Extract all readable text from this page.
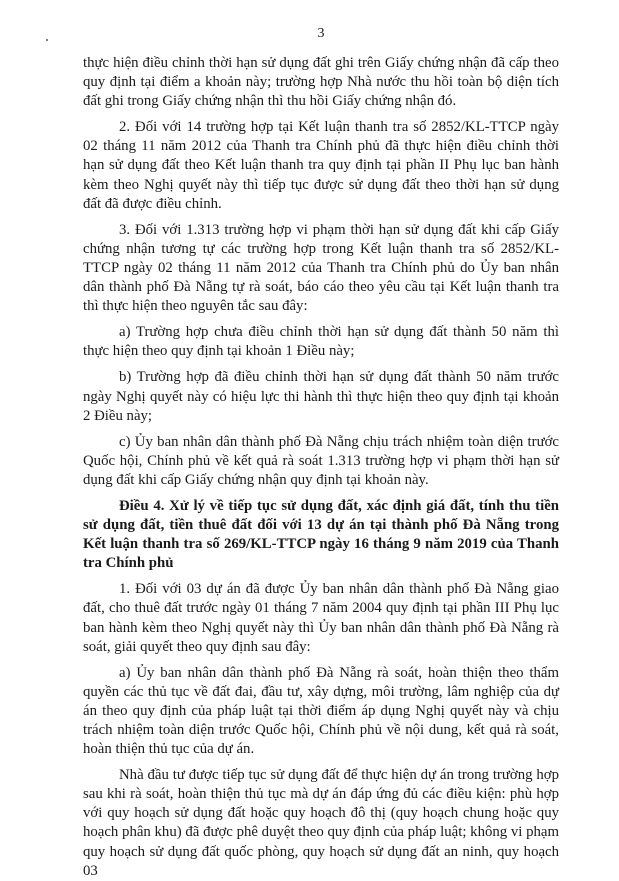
3

thực hiện điều chỉnh thời hạn sử dụng đất ghi trên Giấy chứng nhận đã cấp theo quy định tại điểm a khoản này; trường hợp Nhà nước thu hồi toàn bộ diện tích đất ghi trong Giấy chứng nhận thì thu hồi Giấy chứng nhận đó.

2. Đối với 14 trường hợp tại Kết luận thanh tra số 2852/KL-TTCP ngày 02 tháng 11 năm 2012 của Thanh tra Chính phủ đã thực hiện điều chỉnh thời hạn sử dụng đất theo Kết luận thanh tra quy định tại phần II Phụ lục ban hành kèm theo Nghị quyết này thì tiếp tục được sử dụng đất theo thời hạn sử dụng đất đã được điều chỉnh.

3. Đối với 1.313 trường hợp vi phạm thời hạn sử dụng đất khi cấp Giấy chứng nhận tương tự các trường hợp trong Kết luận thanh tra số 2852/KL-TTCP ngày 02 tháng 11 năm 2012 của Thanh tra Chính phủ do Ủy ban nhân dân thành phố Đà Nẵng tự rà soát, báo cáo theo yêu cầu tại Kết luận thanh tra thì thực hiện theo nguyên tắc sau đây:

a) Trường hợp chưa điều chỉnh thời hạn sử dụng đất thành 50 năm thì thực hiện theo quy định tại khoản 1 Điều này;

b) Trường hợp đã điều chỉnh thời hạn sử dụng đất thành 50 năm trước ngày Nghị quyết này có hiệu lực thi hành thì thực hiện theo quy định tại khoản 2 Điều này;

c) Ủy ban nhân dân thành phố Đà Nẵng chịu trách nhiệm toàn diện trước Quốc hội, Chính phủ về kết quả rà soát 1.313 trường hợp vi phạm thời hạn sử dụng đất khi cấp Giấy chứng nhận quy định tại khoản này.

Điều 4. Xử lý về tiếp tục sử dụng đất, xác định giá đất, tính thu tiền sử dụng đất, tiền thuê đất đối với 13 dự án tại thành phố Đà Nẵng trong Kết luận thanh tra số 269/KL-TTCP ngày 16 tháng 9 năm 2019 của Thanh tra Chính phủ

1. Đối với 03 dự án đã được Ủy ban nhân dân thành phố Đà Nẵng giao đất, cho thuê đất trước ngày 01 tháng 7 năm 2004 quy định tại phần III Phụ lục ban hành kèm theo Nghị quyết này thì Ủy ban nhân dân thành phố Đà Nẵng rà soát, giải quyết theo quy định sau đây:

a) Ủy ban nhân dân thành phố Đà Nẵng rà soát, hoàn thiện theo thẩm quyền các thủ tục về đất đai, đầu tư, xây dựng, môi trường, lâm nghiệp của dự án theo quy định của pháp luật tại thời điểm áp dụng Nghị quyết này và chịu trách nhiệm toàn diện trước Quốc hội, Chính phủ về nội dung, kết quả rà soát, hoàn thiện thủ tục của dự án.

Nhà đầu tư được tiếp tục sử dụng đất để thực hiện dự án trong trường hợp sau khi rà soát, hoàn thiện thủ tục mà dự án đáp ứng đủ các điều kiện: phù hợp với quy hoạch sử dụng đất hoặc quy hoạch đô thị (quy hoạch chung hoặc quy hoạch phân khu) đã được phê duyệt theo quy định của pháp luật; không vi phạm quy hoạch sử dụng đất quốc phòng, quy hoạch sử dụng đất an ninh, quy hoạch 03
